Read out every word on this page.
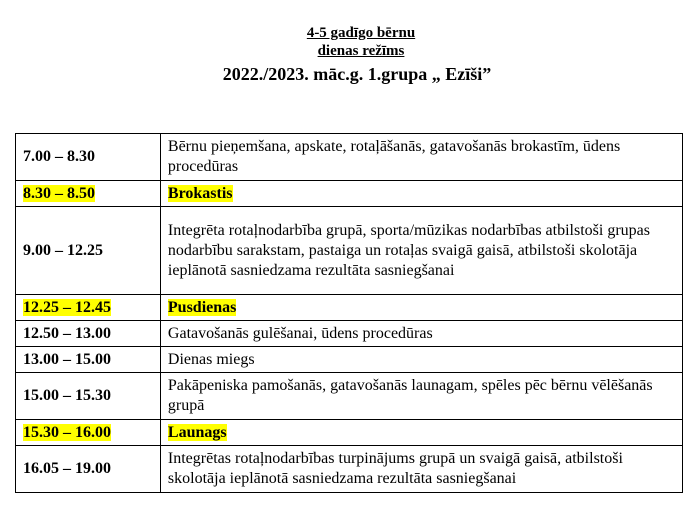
4-5 gadīgo bērnu
dienas režīms
2022./2023. māc.g. 1.grupa „ Ezīši”
7.00 – 8.30	Bērnu pieņemšana, apskate, rotaļāšanās, gatavošanās brokastīm, ūdens procedūras
8.30 – 8.50	Brokastis
9.00 – 12.25	Integrēta rotaļnodarbība grupā, sporta/mūzikas nodarbības atbilstoši grupas nodarbību sarakstam, pastaiga un rotaļas svaigā gaisā, atbilstoši skolotāja ieplānotā sasniedzama rezultāta sasniegšanai
12.25 – 12.45	Pusdienas
12.50 – 13.00	Gatavošanās gulēšanai, ūdens procedūras
13.00 – 15.00	Dienas miegs
15.00 – 15.30	Pakāpeniska pamošanās, gatavošanās launagam, spēles pēc bērnu vēlēšanās grupā
15.30 – 16.00	Launags
16.05 – 19.00	Integrētas rotaļnodarbības turpinājums grupā un svaigā gaisā, atbilstoši skolotāja ieplānotā sasniedzama rezultāta sasniegšanai
